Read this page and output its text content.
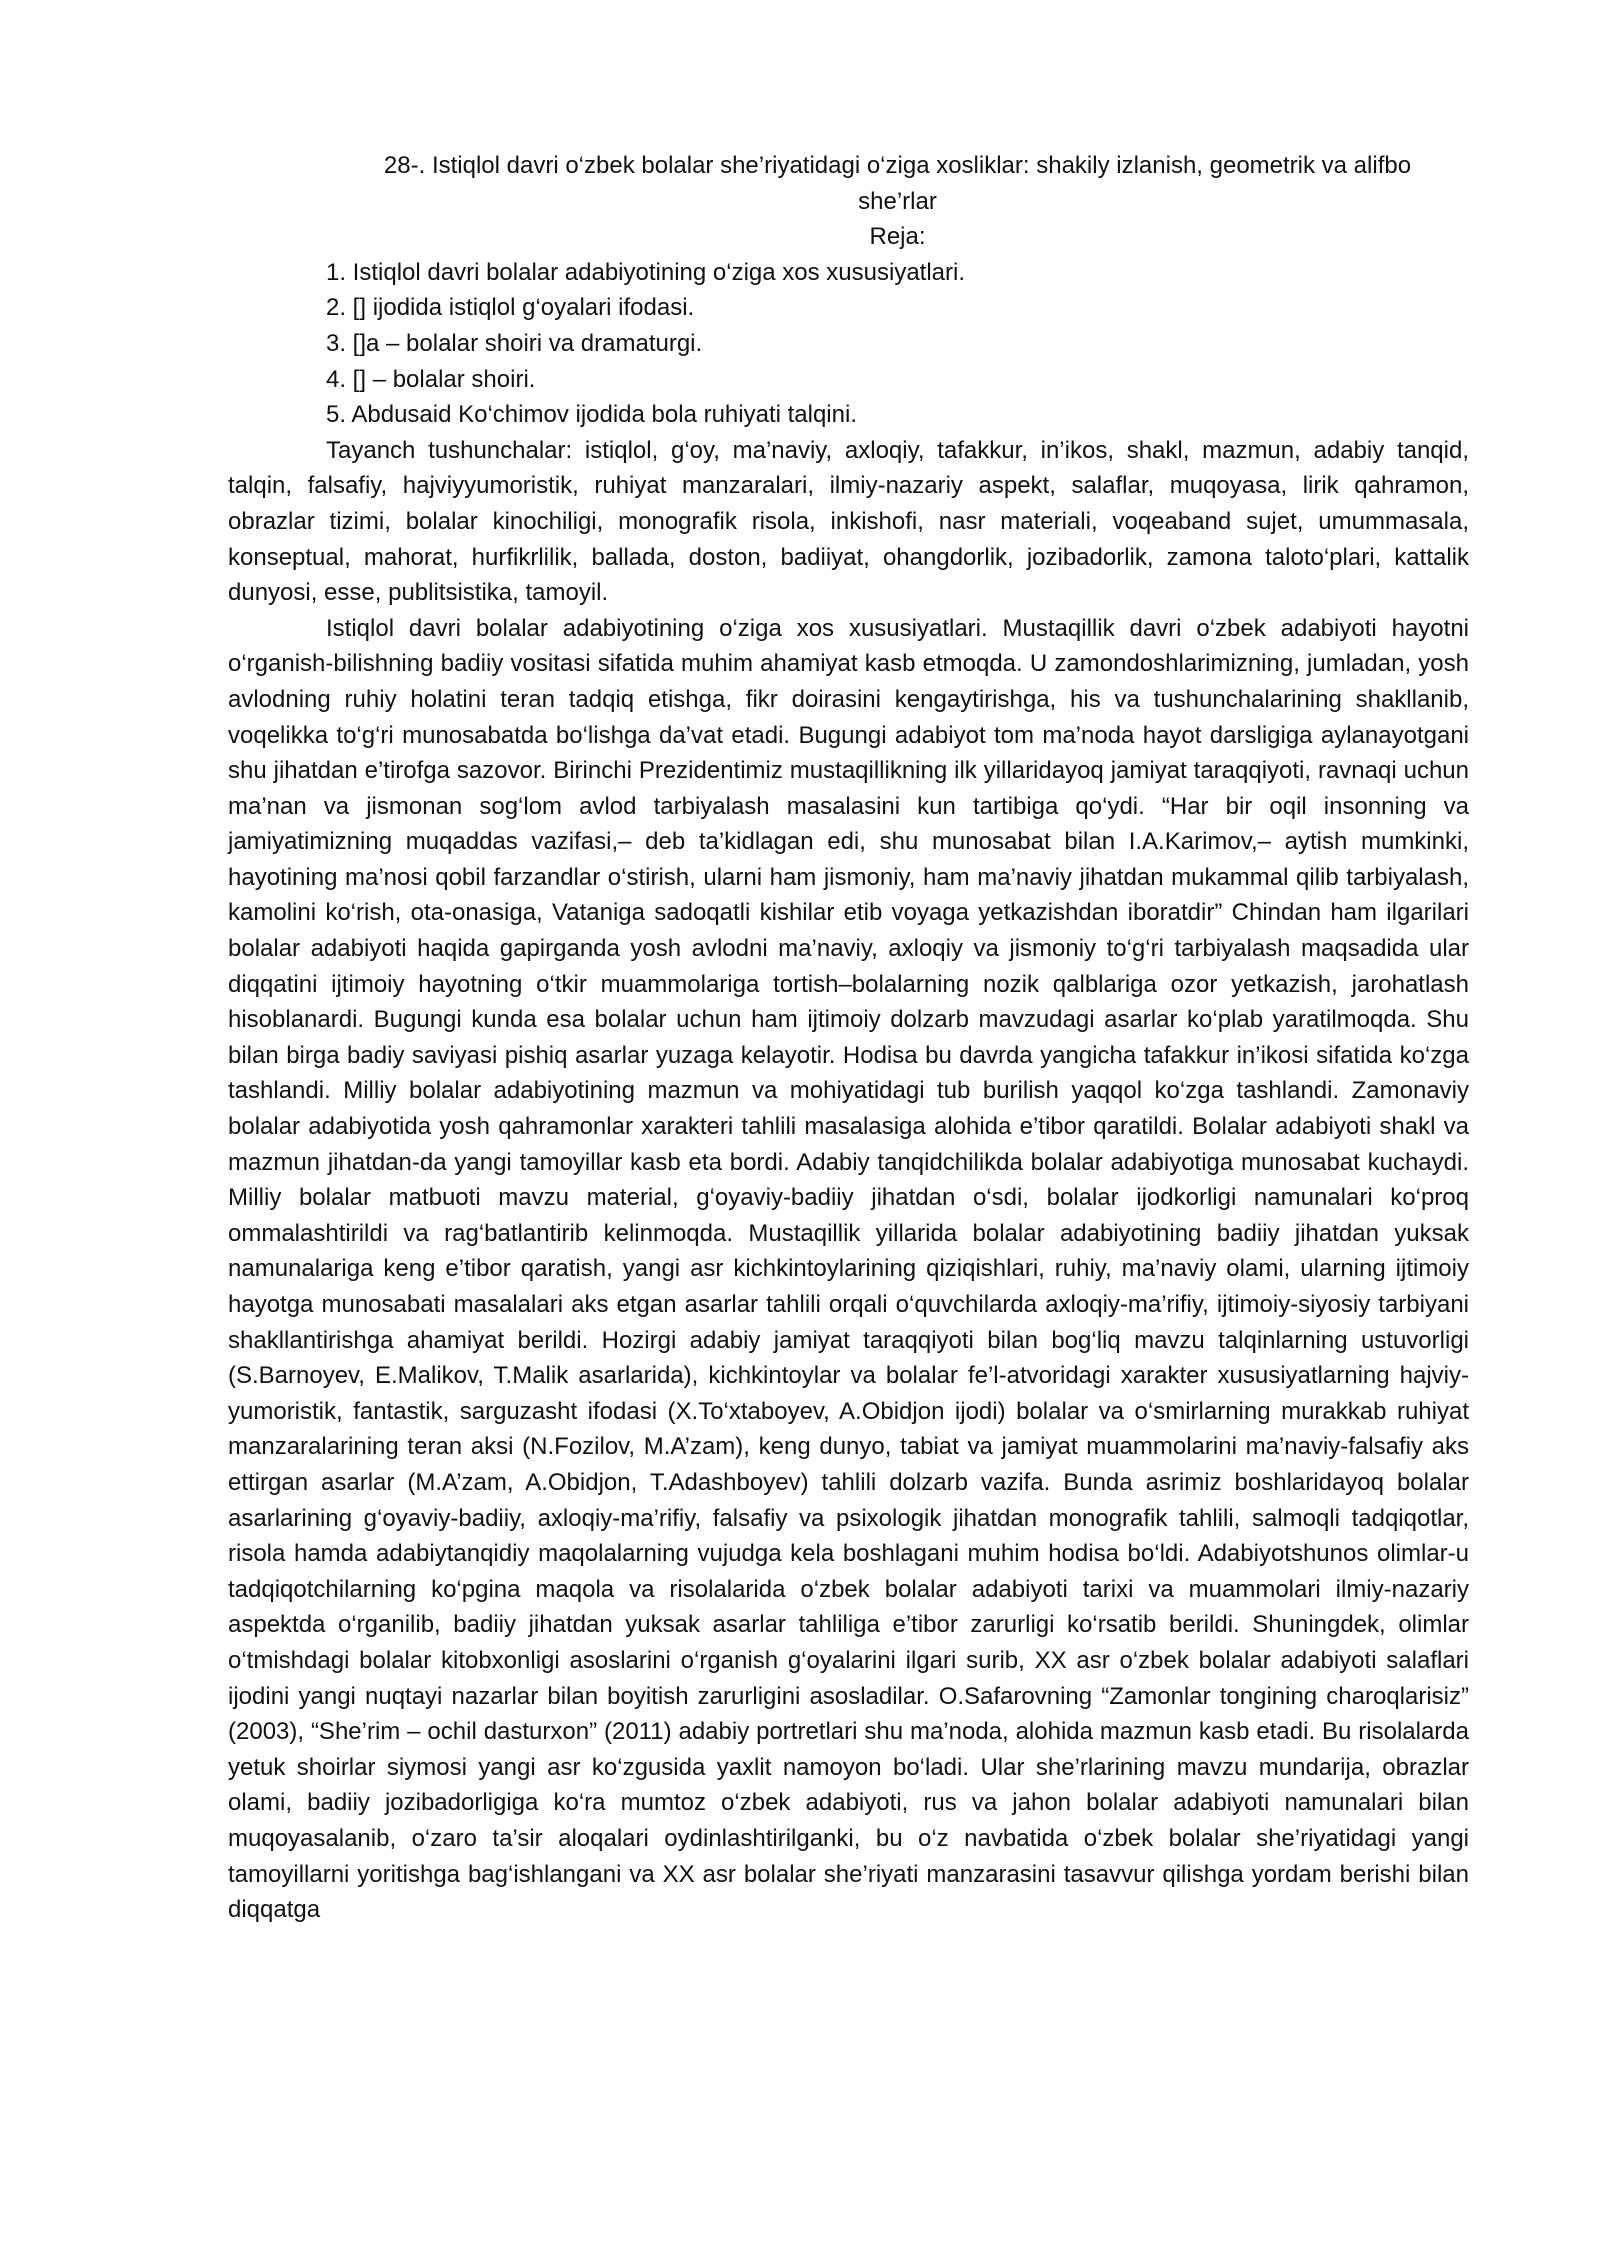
28-. Istiqlol davri o‘zbek bolalar she’riyatidagi o‘ziga xosliklar: shakily izlanish, geometrik va alifbo
she’rlar
Reja:
1. Istiqlol davri bolalar adabiyotining o‘ziga xos xususiyatlari.
2. [] ijodida istiqlol g‘oyalari ifodasi.
3. []a – bolalar shoiri va dramaturgi.
4. [] – bolalar shoiri.
5. Abdusaid Ko‘chimov ijodida bola ruhiyati talqini.

Tayanch tushunchalar: istiqlol, g‘oy, ma’naviy, axloqiy, tafakkur, in’ikos, shakl, mazmun, adabiy tanqid, talqin, falsafiy, hajviyyumoristik, ruhiyat manzaralari, ilmiy-nazariy aspekt, salaflar, muqoyasa, lirik qahramon, obrazlar tizimi, bolalar kinochiligi, monografik risola, inkishofi, nasr materiali, voqeaband sujet, umummasala, konseptual, mahorat, hurfikrlilik, ballada, doston, badiiyat, ohangdorlik, jozibadorlik, zamona taloto‘plari, kattalik dunyosi, esse, publitsistika, tamoyil.

Istiqlol davri bolalar adabiyotining o‘ziga xos xususiyatlari. Mustaqillik davri o‘zbek adabiyoti hayotni o‘rganish-bilishning badiiy vositasi sifatida muhim ahamiyat kasb etmoqda. U zamondoshlarimizning, jumladan, yosh avlodning ruhiy holatini teran tadqiq etishga, fikr doirasini kengaytirishga, his va tushunchalarining shakllanib, voqelikka to‘g‘ri munosabatda bo‘lishga da’vat etadi. Bugungi adabiyot tom ma’noda hayot darsligiga aylanayotgani shu jihatdan e’tirofga sazovor. Birinchi Prezidentimiz mustaqillikning ilk yillaridayoq jamiyat taraqqiyoti, ravnaqi uchun ma’nan va jismonan sog‘lom avlod tarbiyalash masalasini kun tartibiga qo‘ydi. “Har bir oqil insonning va jamiyatimizning muqaddas vazifasi,– deb ta’kidlagan edi, shu munosabat bilan I.A.Karimov,– aytish mumkinki, hayotining ma’nosi qobil farzandlar o‘stirish, ularni ham jismoniy, ham ma’naviy jihatdan mukammal qilib tarbiyalash, kamolini ko‘rish, ota-onasiga, Vataniga sadoqatli kishilar etib voyaga yetkazishdan iboratdir” Chindan ham ilgarilari bolalar adabiyoti haqida gapirganda yosh avlodni ma’naviy, axloqiy va jismoniy to‘g‘ri tarbiyalash maqsadida ular diqqatini ijtimoiy hayotning o‘tkir muammolariga tortish–bolalarning nozik qalblariga ozor yetkazish, jarohatlash hisoblanardi. Bugungi kunda esa bolalar uchun ham ijtimoiy dolzarb mavzudagi asarlar ko‘plab yaratilmoqda. Shu bilan birga badiy saviyasi pishiq asarlar yuzaga kelayotir. Hodisa bu davrda yangicha tafakkur in’ikosi sifatida ko‘zga tashlandi. Milliy bolalar adabiyotining mazmun va mohiyatidagi tub burilish yaqqol ko‘zga tashlandi. Zamonaviy bolalar adabiyotida yosh qahramonlar xarakteri tahlili masalasiga alohida e’tibor qaratildi. Bolalar adabiyoti shakl va mazmun jihatdan-da yangi tamoyillar kasb eta bordi. Adabiy tanqidchilikda bolalar adabiyotiga munosabat kuchaydi. Milliy bolalar matbuoti mavzu material, g‘oyaviy-badiiy jihatdan o‘sdi, bolalar ijodkorligi namunalari ko‘proq ommalashtirildi va rag‘batlantirib kelinmoqda. Mustaqillik yillarida bolalar adabiyotining badiiy jihatdan yuksak namunalariga keng e’tibor qaratish, yangi asr kichkintoylarining qiziqishlari, ruhiy, ma’naviy olami, ularning ijtimoiy hayotga munosabati masalalari aks etgan asarlar tahlili orqali o‘quvchilarda axloqiy-ma’rifiy, ijtimoiy-siyosiy tarbiyani shakllantirishga ahamiyat berildi. Hozirgi adabiy jamiyat taraqqiyoti bilan bog‘liq mavzu talqinlarning ustuvorligi (S.Barnoyev, E.Malikov, T.Malik asarlarida), kichkintoylar va bolalar fe’l-atvoridagi xarakter xususiyatlarning hajviy-yumoristik, fantastik, sarguzasht ifodasi (X.To‘xtaboyev, A.Obidjon ijodi) bolalar va o‘smirlarning murakkab ruhiyat manzaralarining teran aksi (N.Fozilov, M.A’zam), keng dunyo, tabiat va jamiyat muammolarini ma’naviy-falsafiy aks ettirgan asarlar (M.A’zam, A.Obidjon, T.Adashboyev) tahlili dolzarb vazifa. Bunda asrimiz boshlaridayoq bolalar asarlarining g‘oyaviy-badiiy, axloqiy-ma’rifiy, falsafiy va psixologik jihatdan monografik tahlili, salmoqli tadqiqotlar, risola hamda adabiytanqidiy maqolalarning vujudga kela boshlagani muhim hodisa bo‘ldi. Adabiyotshunos olimlar-u tadqiqotchilarning ko‘pgina maqola va risolalarida o‘zbek bolalar adabiyoti tarixi va muammolari ilmiy-nazariy aspektda o‘rganilib, badiiy jihatdan yuksak asarlar tahliliga e’tibor zarurligi ko‘rsatib berildi. Shuningdek, olimlar o‘tmishdagi bolalar kitobxonligi asoslarini o‘rganish g‘oyalarini ilgari surib, XX asr o‘zbek bolalar adabiyoti salaflari ijodini yangi nuqtayi nazarlar bilan boyitish zarurligini asosladilar. O.Safarovning “Zamonlar tongining charoqlarisiz” (2003), “She’rim – ochil dasturxon” (2011) adabiy portretlari shu ma’noda, alohida mazmun kasb etadi. Bu risolalarda yetuk shoirlar siymosi yangi asr ko‘zgusida yaxlit namoyon bo‘ladi. Ular she’rlarining mavzu mundarija, obrazlar olami, badiiy jozibadorligiga ko‘ra mumtoz o‘zbek adabiyoti, rus va jahon bolalar adabiyoti namunalari bilan muqoyasalanib, o‘zaro ta’sir aloqalari oydinlashtirilganki, bu o‘z navbatida o‘zbek bolalar she’riyatidagi yangi tamoyillarni yoritishga bag‘ishlangani va XX asr bolalar she’riyati manzarasini tasavvur qilishga yordam berishi bilan diqqatga
